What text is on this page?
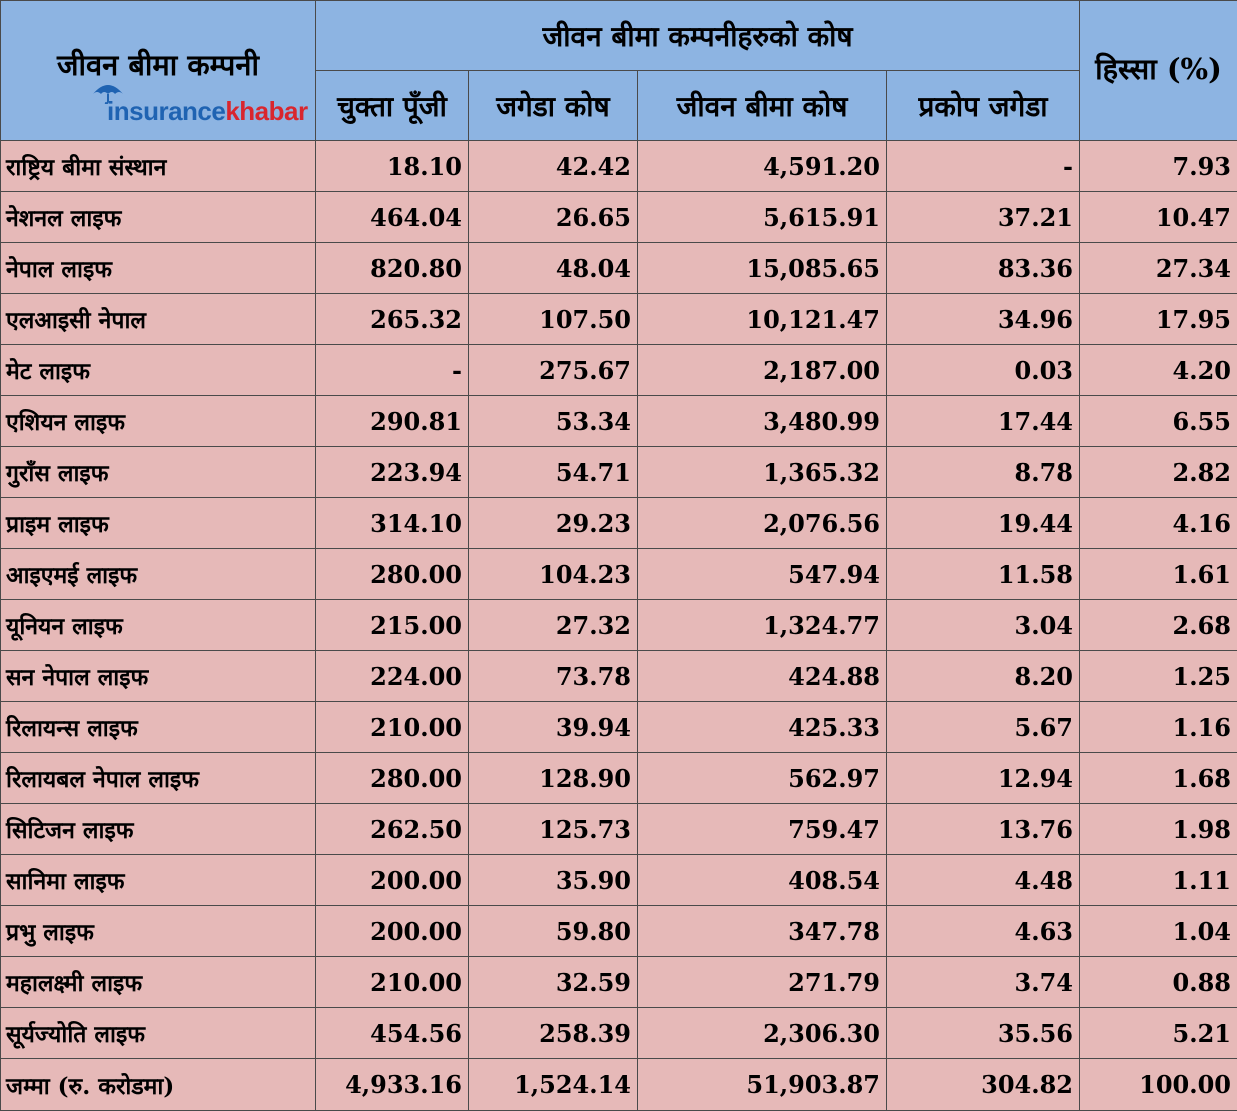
जीवन बीमा कम्पनी
insurancekhabar	जीवन बीमा कम्पनीहरुको कोष				हिस्सा (%)
	चुक्ता पूँजी	जगेडा कोष	जीवन बीमा कोष	प्रकोप जगेडा	
राष्ट्रिय बीमा संस्थान	18.10	42.42	4,591.20	-	7.93
नेशनल लाइफ	464.04	26.65	5,615.91	37.21	10.47
नेपाल लाइफ	820.80	48.04	15,085.65	83.36	27.34
एलआइसी नेपाल	265.32	107.50	10,121.47	34.96	17.95
मेट लाइफ	-	275.67	2,187.00	0.03	4.20
एशियन लाइफ	290.81	53.34	3,480.99	17.44	6.55
गुराँस लाइफ	223.94	54.71	1,365.32	8.78	2.82
प्राइम लाइफ	314.10	29.23	2,076.56	19.44	4.16
आइएमई लाइफ	280.00	104.23	547.94	11.58	1.61
यूनियन लाइफ	215.00	27.32	1,324.77	3.04	2.68
सन नेपाल लाइफ	224.00	73.78	424.88	8.20	1.25
रिलायन्स लाइफ	210.00	39.94	425.33	5.67	1.16
रिलायबल नेपाल लाइफ	280.00	128.90	562.97	12.94	1.68
सिटिजन लाइफ	262.50	125.73	759.47	13.76	1.98
सानिमा लाइफ	200.00	35.90	408.54	4.48	1.11
प्रभु लाइफ	200.00	59.80	347.78	4.63	1.04
महालक्ष्मी लाइफ	210.00	32.59	271.79	3.74	0.88
सूर्यज्योति लाइफ	454.56	258.39	2,306.30	35.56	5.21
जम्मा (रु. करोडमा)	4,933.16	1,524.14	51,903.87	304.82	100.00
